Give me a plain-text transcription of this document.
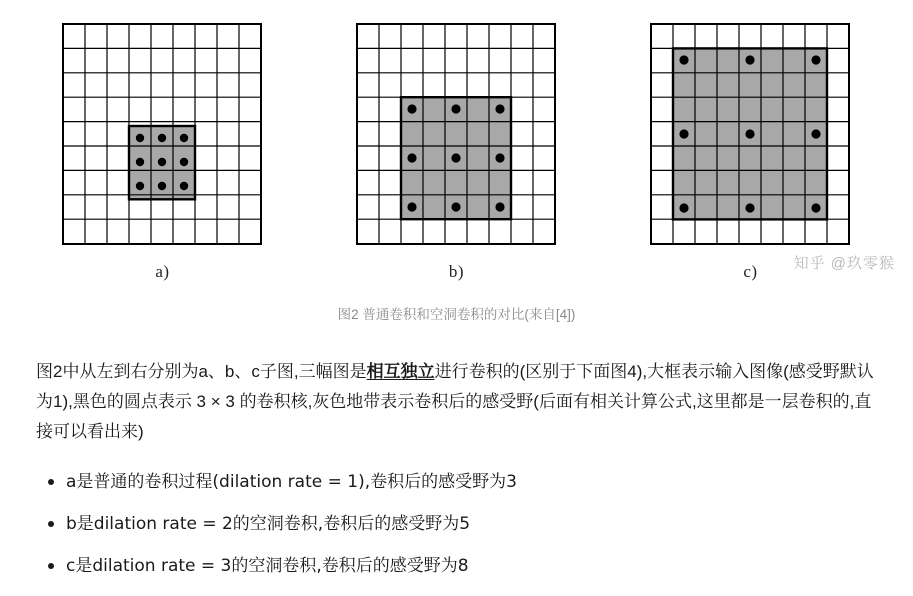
a)	b)	c) 知乎 @玖零猴
图2 普通卷积和空洞卷积的对比(来自[4])
图2中从左到右分别为a、b、c子图,三幅图是相互独立进行卷积的(区别于下面图4),大框表示输入图像(感受野默认为1),黑色的圆点表示 3 × 3 的卷积核,灰色地带表示卷积后的感受野(后面有相关计算公式,这里都是一层卷积的,直接可以看出来)
a是普通的卷积过程(dilation rate = 1),卷积后的感受野为3
b是dilation rate = 2的空洞卷积,卷积后的感受野为5
c是dilation rate = 3的空洞卷积,卷积后的感受野为8
